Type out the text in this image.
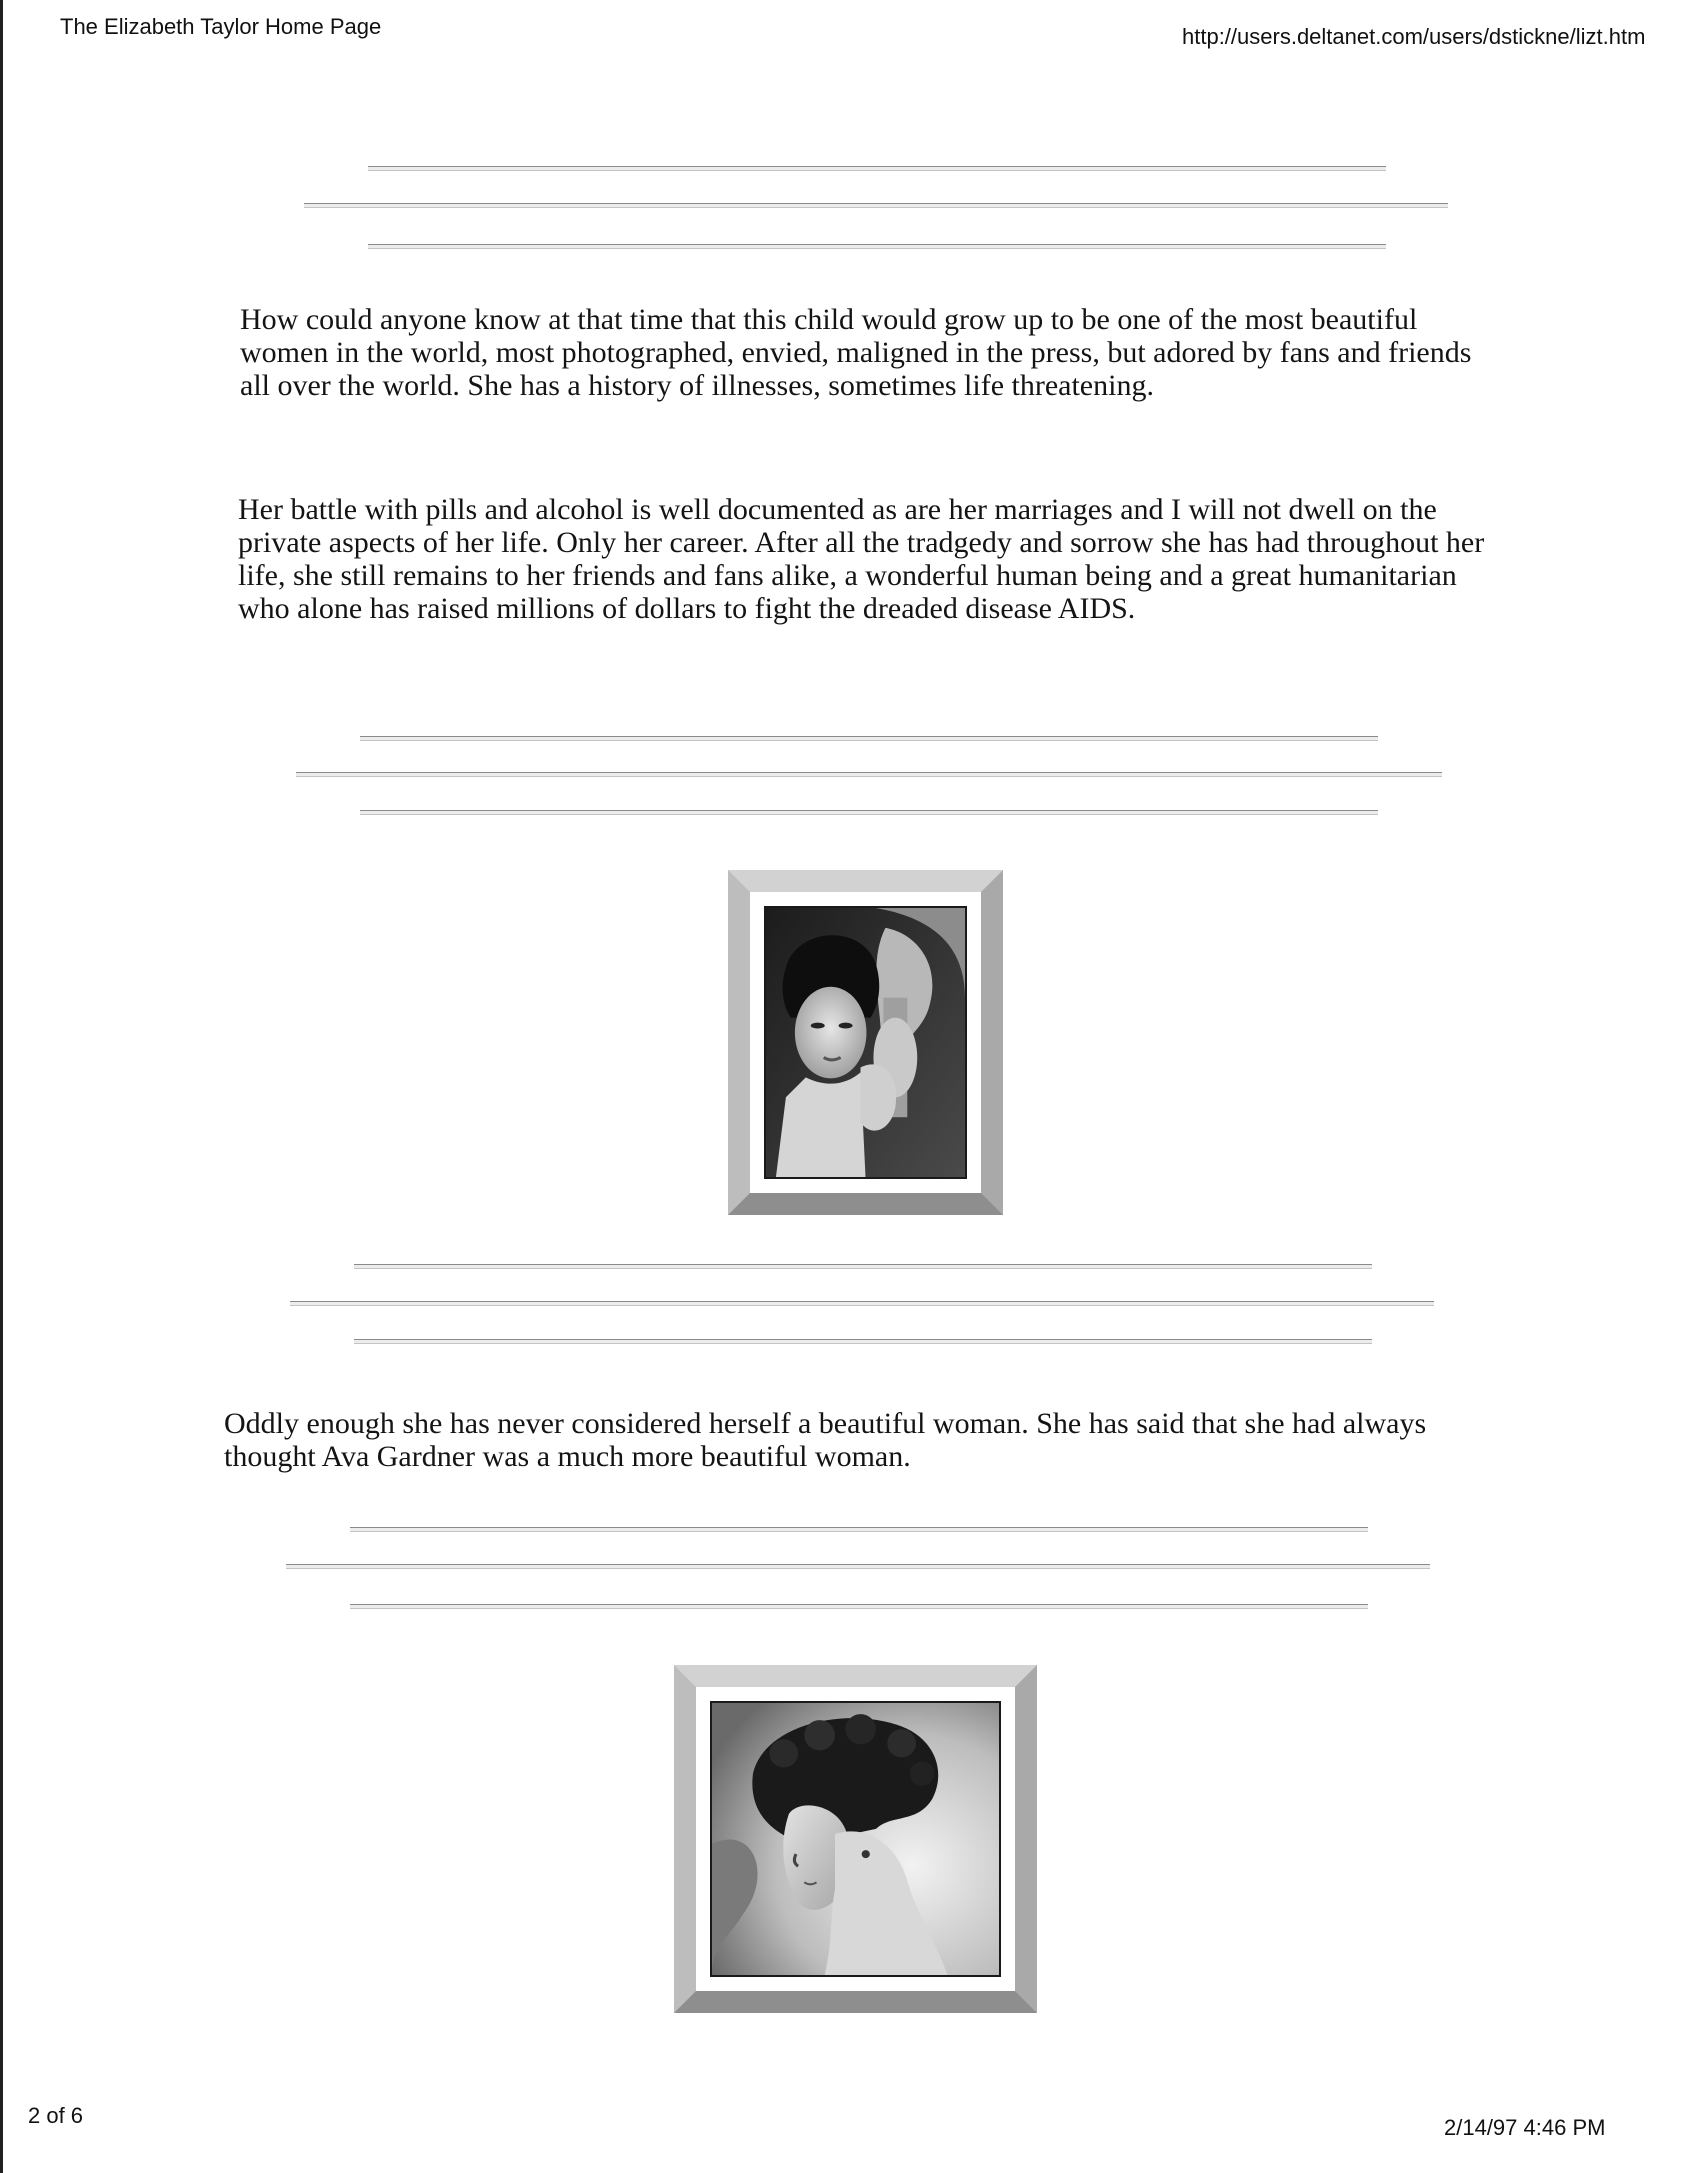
The Elizabeth Taylor Home Page	http://users.deltanet.com/users/dstickne/lizt.htm

How could anyone know at that time that this child would grow up to be one of the most beautiful women in the world, most photographed, envied, maligned in the press, but adored by fans and friends all over the world. She has a history of illnesses, sometimes life threatening.

Her battle with pills and alcohol is well documented as are her marriages and I will not dwell on the private aspects of her life. Only her career. After all the tradgedy and sorrow she has had throughout her life, she still remains to her friends and fans alike, a wonderful human being and a great humanitarian who alone has raised millions of dollars to fight the dreaded disease AIDS.

Oddly enough she has never considered herself a beautiful woman. She has said that she had always thought Ava Gardner was a much more beautiful woman.

2 of 6	2/14/97 4:46 PM
